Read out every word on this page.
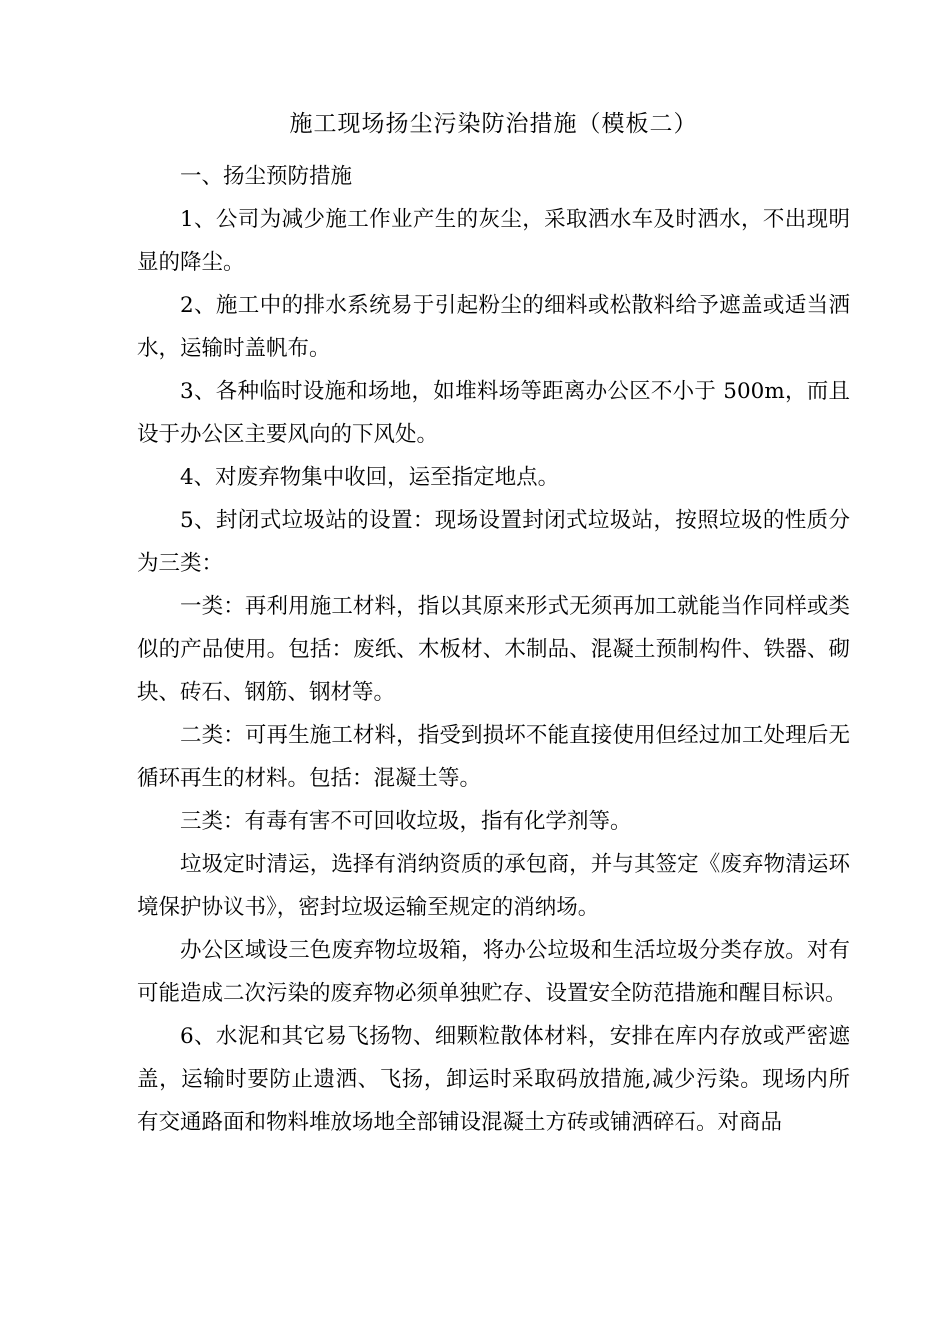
施工现场扬尘污染防治措施（模板二）

一、扬尘预防措施

1、公司为减少施工作业产生的灰尘，采取洒水车及时洒水，不出现明显的降尘。

2、施工中的排水系统易于引起粉尘的细料或松散料给予遮盖或适当洒水，运输时盖帆布。

3、各种临时设施和场地，如堆料场等距离办公区不小于 500m，而且设于办公区主要风向的下风处。

4、对废弃物集中收回，运至指定地点。

5、封闭式垃圾站的设置：现场设置封闭式垃圾站，按照垃圾的性质分为三类：

一类：再利用施工材料，指以其原来形式无须再加工就能当作同样或类似的产品使用。包括：废纸、木板材、木制品、混凝土预制构件、铁器、砌块、砖石、钢筋、钢材等。

二类：可再生施工材料，指受到损坏不能直接使用但经过加工处理后无循环再生的材料。包括：混凝土等。

三类：有毒有害不可回收垃圾，指有化学剂等。

垃圾定时清运，选择有消纳资质的承包商，并与其签定《废弃物清运环境保护协议书》，密封垃圾运输至规定的消纳场。

办公区域设三色废弃物垃圾箱，将办公垃圾和生活垃圾分类存放。对有可能造成二次污染的废弃物必须单独贮存、设置安全防范措施和醒目标识。

6、水泥和其它易飞扬物、细颗粒散体材料，安排在库内存放或严密遮盖，运输时要防止遗洒、飞扬，卸运时采取码放措施,减少污染。现场内所有交通路面和物料堆放场地全部铺设混凝土方砖或铺洒碎石。对商品
